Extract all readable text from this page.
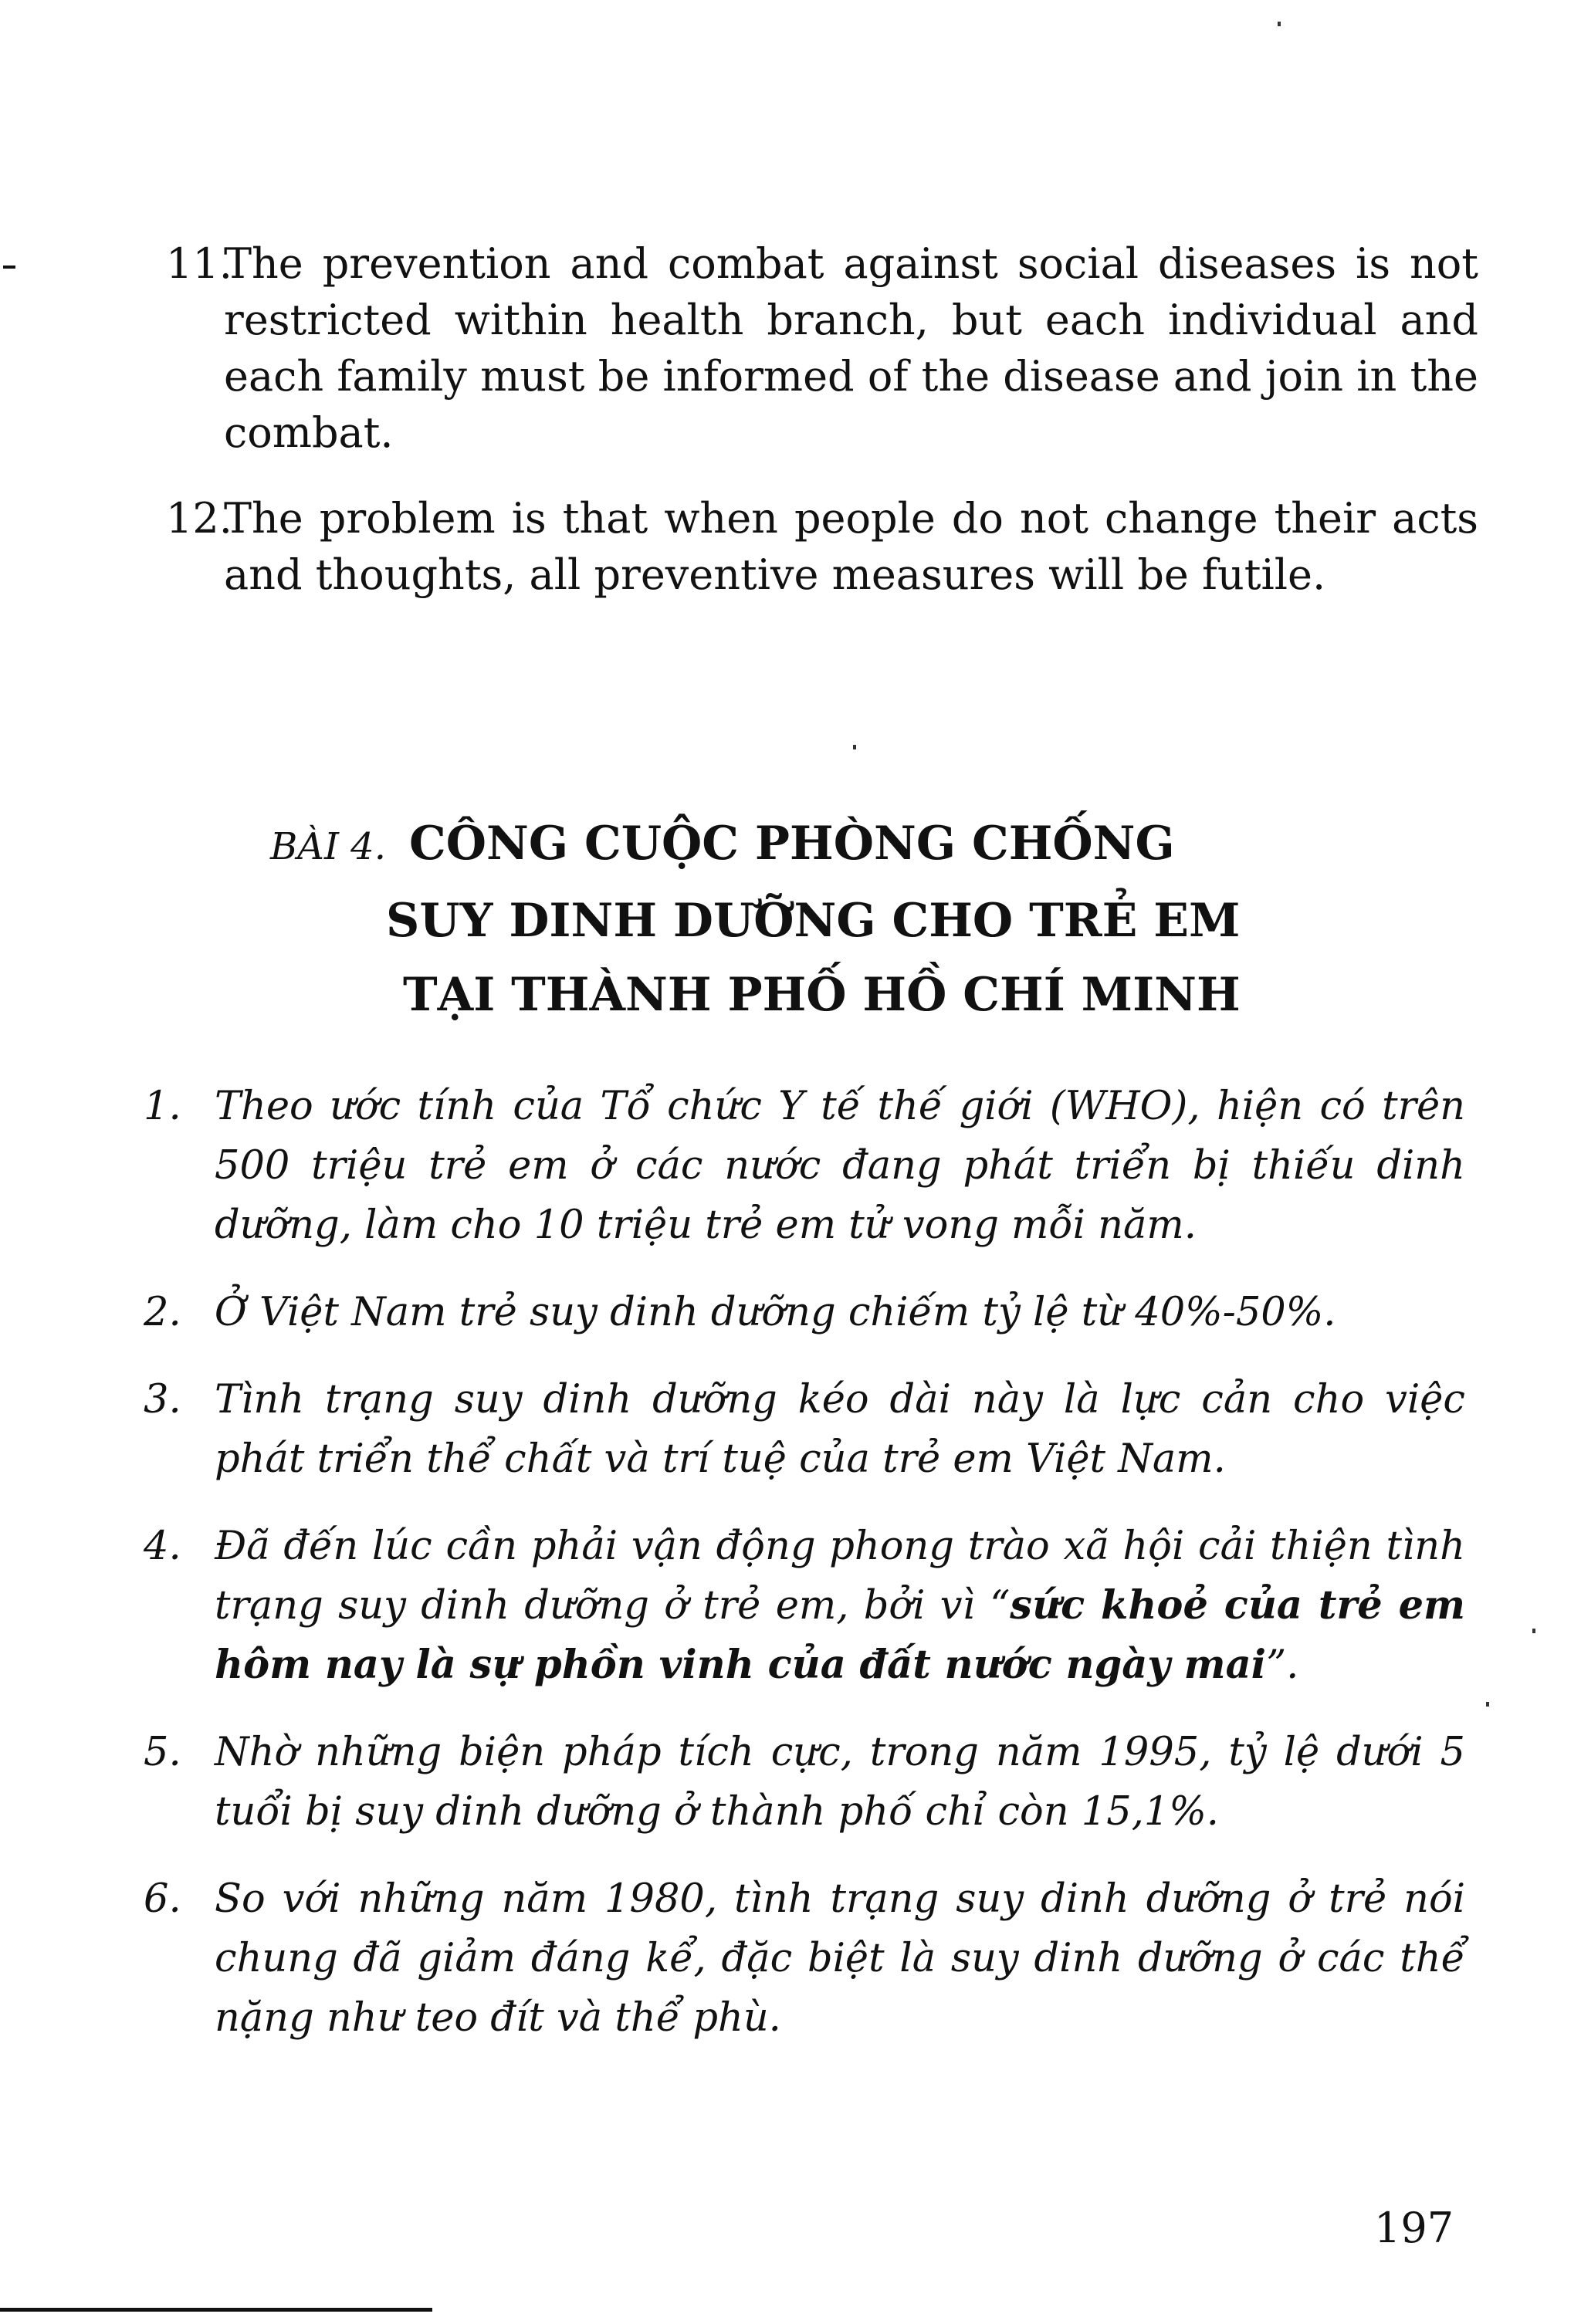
11.
The prevention and combat against social diseases is not restricted within health branch, but each individual and each family must be informed of the disease and join in the combat.
12.
The problem is that when people do not change their acts and thoughts, all preventive measures will be futile.
BÀI 4. CÔNG CUỘC PHÒNG CHỐNG
SUY DINH DƯỠNG CHO TRẺ EM
TẠI THÀNH PHỐ HỒ CHÍ MINH
1. Theo ước tính của Tổ chức Y tế thế giới (WHO), hiện có trên 500 triệu trẻ em ở các nước đang phát triển bị thiếu dinh dưỡng, làm cho 10 triệu trẻ em tử vong mỗi năm.
2. Ở Việt Nam trẻ suy dinh dưỡng chiếm tỷ lệ từ 40%-50%.
3. Tình trạng suy dinh dưỡng kéo dài này là lực cản cho việc phát triển thể chất và trí tuệ của trẻ em Việt Nam.
4. Đã đến lúc cần phải vận động phong trào xã hội cải thiện tình trạng suy dinh dưỡng ở trẻ em, bởi vì “sức khoẻ của trẻ em hôm nay là sự phồn vinh của đất nước ngày mai”.
5. Nhờ những biện pháp tích cực, trong năm 1995, tỷ lệ dưới 5 tuổi bị suy dinh dưỡng ở thành phố chỉ còn 15,1%.
6. So với những năm 1980, tình trạng suy dinh dưỡng ở trẻ nói chung đã giảm đáng kể, đặc biệt là suy dinh dưỡng ở các thể nặng như teo đít và thể phù.
197
